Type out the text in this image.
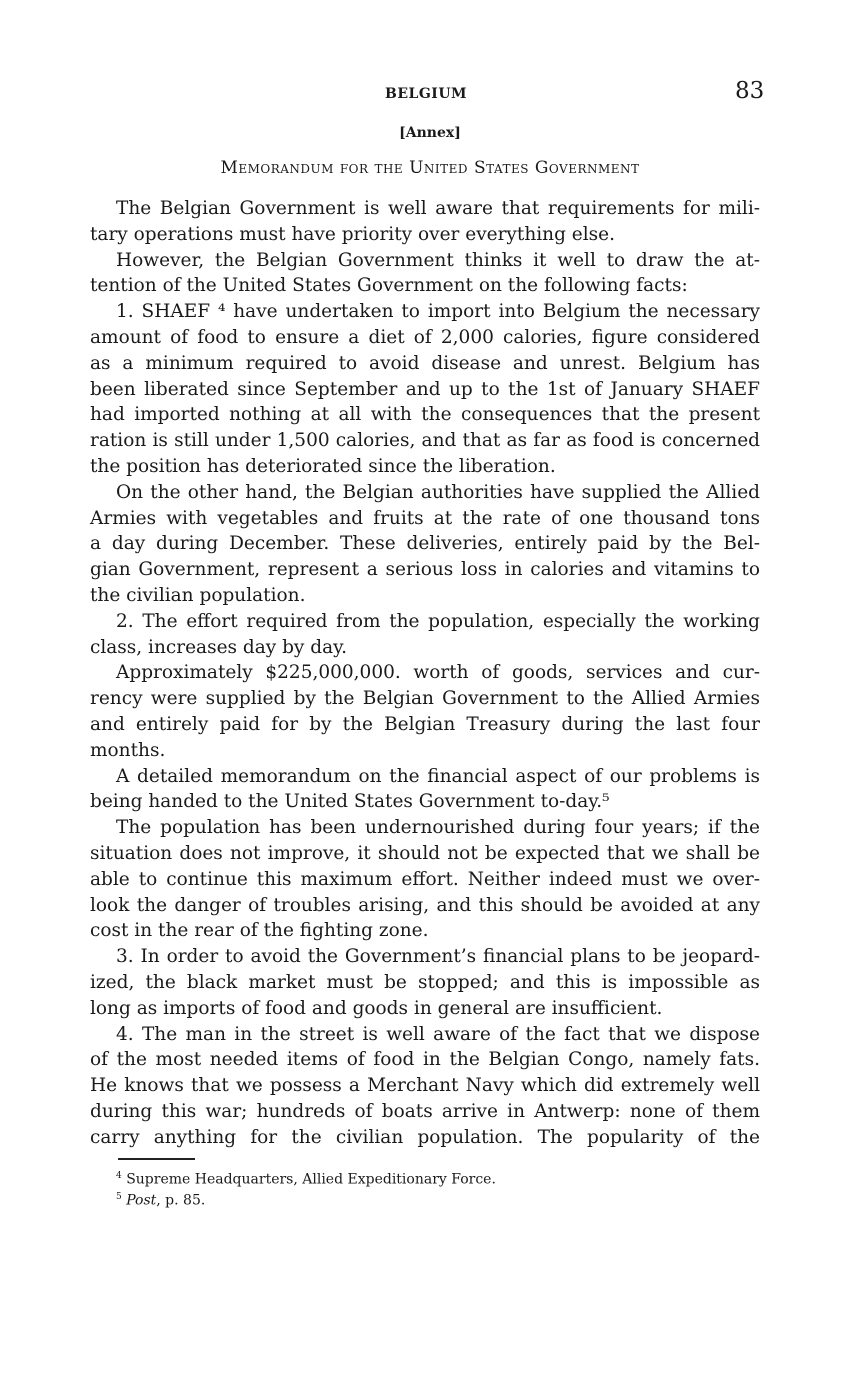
BELGIUM	83
[Annex]
Memorandum for the United States Government
The Belgian Government is well aware that requirements for mili-
tary operations must have priority over everything else.
However, the Belgian Government thinks it well to draw the at-
tention of the United States Government on the following facts:
1. SHAEF ⁴ have undertaken to import into Belgium the necessary
amount of food to ensure a diet of 2,000 calories, figure considered
as a minimum required to avoid disease and unrest. Belgium has
been liberated since September and up to the 1st of January SHAEF
had imported nothing at all with the consequences that the present
ration is still under 1,500 calories, and that as far as food is concerned
the position has deteriorated since the liberation.
On the other hand, the Belgian authorities have supplied the Allied
Armies with vegetables and fruits at the rate of one thousand tons
a day during December. These deliveries, entirely paid by the Bel-
gian Government, represent a serious loss in calories and vitamins to
the civilian population.
2. The effort required from the population, especially the working
class, increases day by day.
Approximately $225,000,000. worth of goods, services and cur-
rency were supplied by the Belgian Government to the Allied Armies
and entirely paid for by the Belgian Treasury during the last four
months.
A detailed memorandum on the financial aspect of our problems is
being handed to the United States Government to-day.⁵
The population has been undernourished during four years; if the
situation does not improve, it should not be expected that we shall be
able to continue this maximum effort. Neither indeed must we over-
look the danger of troubles arising, and this should be avoided at any
cost in the rear of the fighting zone.
3. In order to avoid the Government’s financial plans to be jeopard-
ized, the black market must be stopped; and this is impossible as
long as imports of food and goods in general are insufficient.
4. The man in the street is well aware of the fact that we dispose
of the most needed items of food in the Belgian Congo, namely fats.
He knows that we possess a Merchant Navy which did extremely well
during this war; hundreds of boats arrive in Antwerp: none of them
carry anything for the civilian population. The popularity of the
$^4$ Supreme Headquarters, Allied Expeditionary Force.
$^5$ Post, p. 85.
